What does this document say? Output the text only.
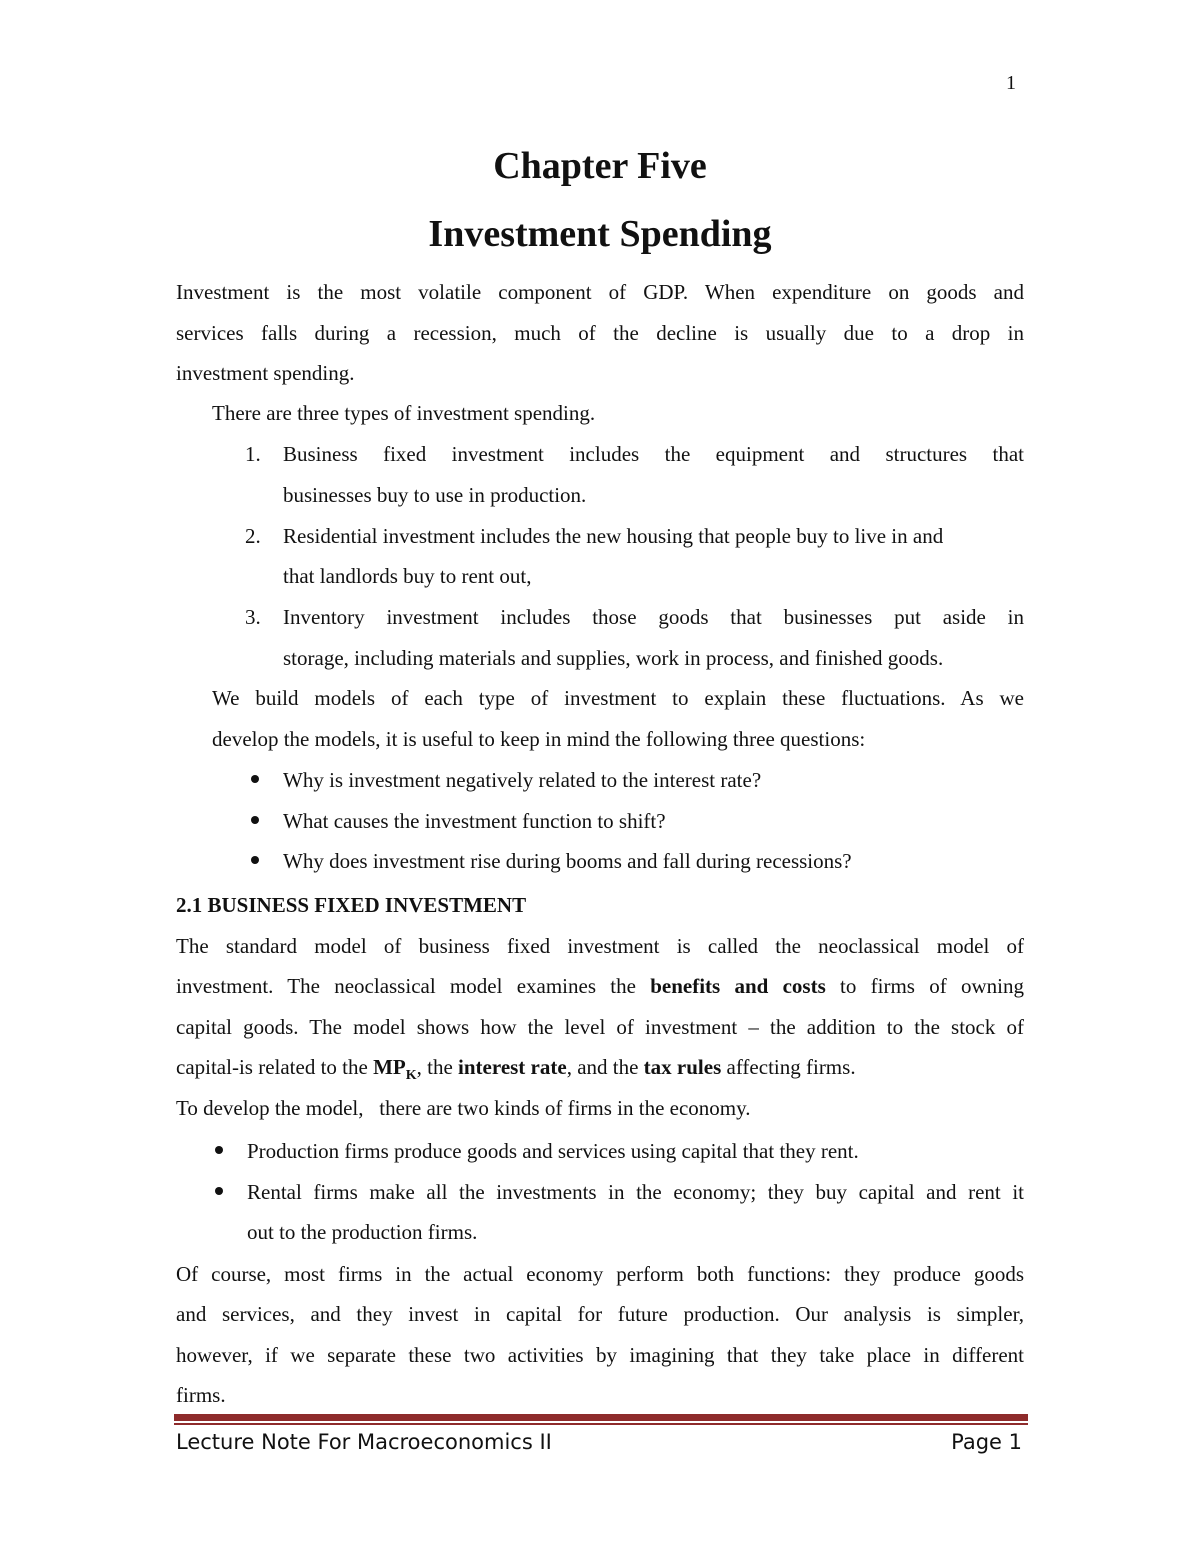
1
Chapter Five
Investment Spending
Investment is the most volatile component of GDP. When expenditure on goods and
services falls during a recession, much of the decline is usually due to a drop in
investment spending.
There are three types of investment spending.
1. Business fixed investment includes the equipment and structures that
businesses buy to use in production.
2. Residential investment includes the new housing that people buy to live in and
that landlords buy to rent out,
3. Inventory investment includes those goods that businesses put aside in
storage, including materials and supplies, work in process, and finished goods.
We build models of each type of investment to explain these fluctuations. As we
develop the models, it is useful to keep in mind the following three questions:
Why is investment negatively related to the interest rate?
What causes the investment function to shift?
Why does investment rise during booms and fall during recessions?
2.1 BUSINESS FIXED INVESTMENT
The standard model of business fixed investment is called the neoclassical model of
investment. The neoclassical model examines the benefits and costs to firms of owning
capital goods. The model shows how the level of investment – the addition to the stock of
capital-is related to the $MP_K$, the interest rate, and the tax rules affecting firms.
To develop the model,   there are two kinds of firms in the economy.
Production firms produce goods and services using capital that they rent.
Rental firms make all the investments in the economy; they buy capital and rent it
out to the production firms.
Of course, most firms in the actual economy perform both functions: they produce goods
and services, and they invest in capital for future production. Our analysis is simpler,
however, if we separate these two activities by imagining that they take place in different
firms.
Lecture Note For Macroeconomics II	Page 1
